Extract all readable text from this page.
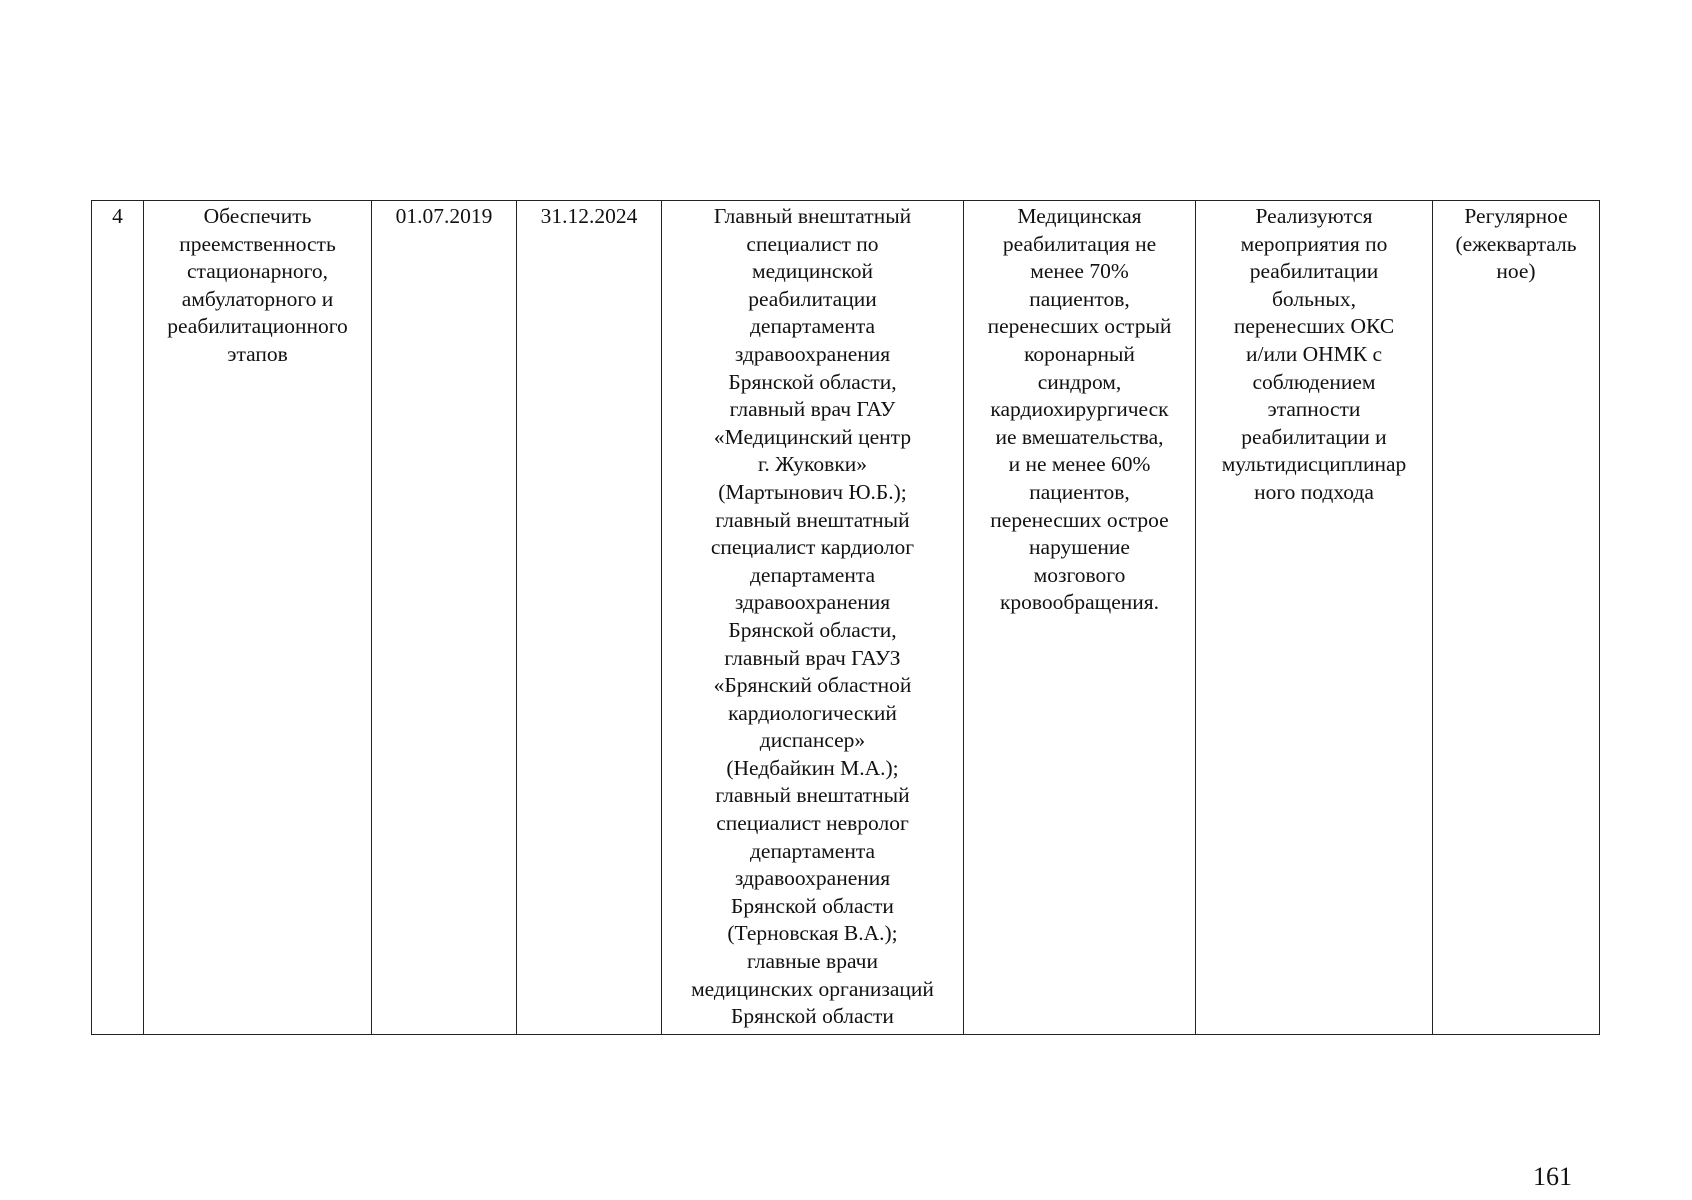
4	Обеспечить
преемственность
стационарного,
амбулаторного и
реабилитационного
этапов	01.07.2019	31.12.2024	Главный внештатный
специалист по
медицинской
реабилитации
департамента
здравоохранения
Брянской области,
главный врач ГАУ
«Медицинский центр
г. Жуковки»
(Мартынович Ю.Б.);
главный внештатный
специалист кардиолог
департамента
здравоохранения
Брянской области,
главный врач ГАУЗ
«Брянский областной
кардиологический
диспансер»
(Недбайкин М.А.);
главный внештатный
специалист невролог
департамента
здравоохранения
Брянской области
(Терновская В.А.);
главные врачи
медицинских организаций
Брянской области	Медицинская
реабилитация не
менее 70%
пациентов,
перенесших острый
коронарный
синдром,
кардиохирургическ
ие вмешательства,
и не менее 60%
пациентов,
перенесших острое
нарушение
мозгового
кровообращения.	Реализуются
мероприятия по
реабилитации
больных,
перенесших ОКС
и/или ОНМК с
соблюдением
этапности
реабилитации и
мультидисциплинар
ного подхода	Регулярное
(ежекварталь
ное)
161
